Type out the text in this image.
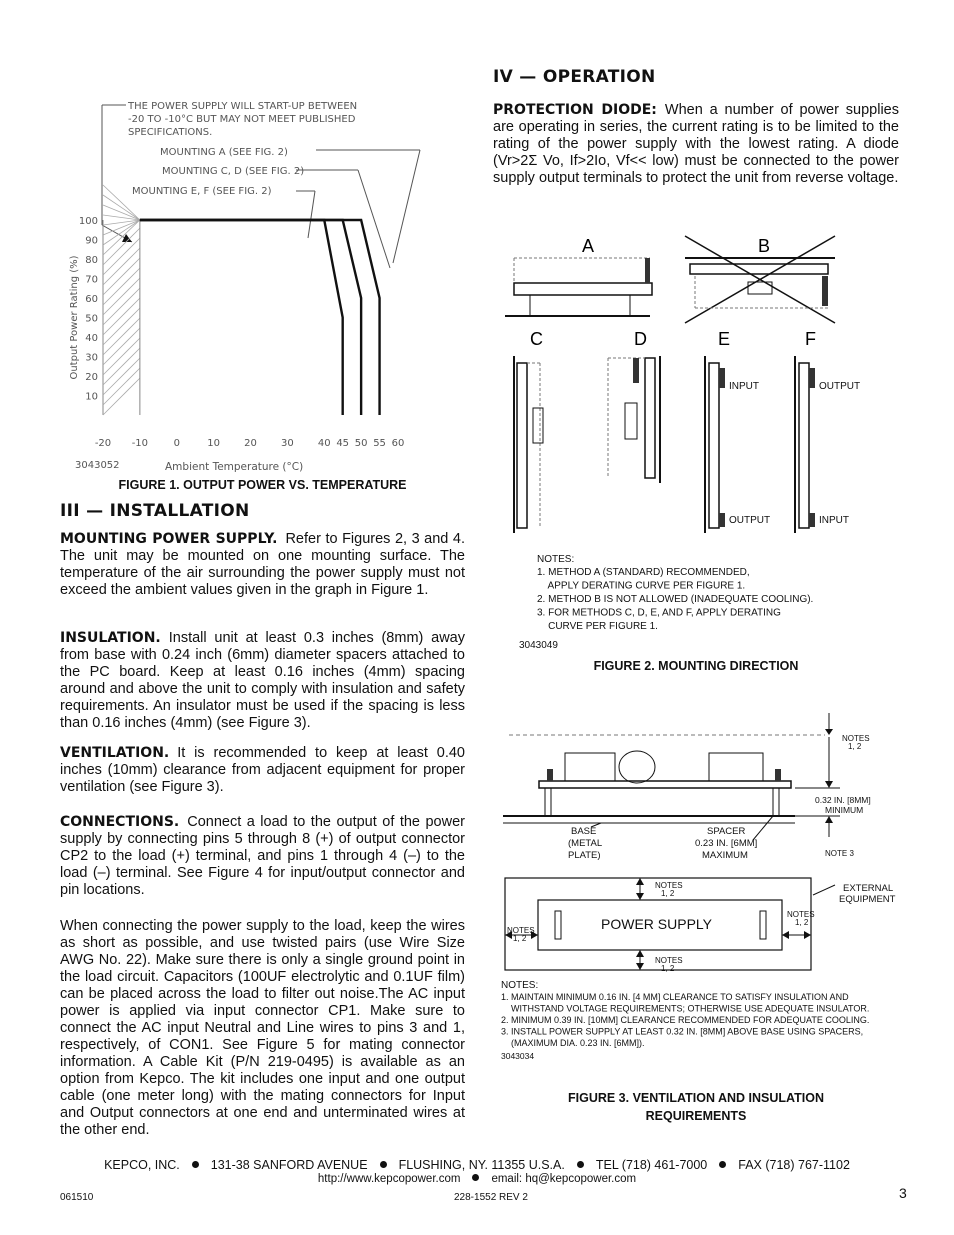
THE POWER SUPPLY WILL START-UP BETWEEN
-20 TO -10°C BUT MAY NOT MEET PUBLISHED
SPECIFICATIONS.
MOUNTING A (SEE FIG. 2)
MOUNTING C, D (SEE FIG. 2)
MOUNTING E, F (SEE FIG. 2)
100
90
80
70
60
50
40
30
20
10
-20 -10	0	10 20 30 40 45 50 55 60
Output Power Rating (%)
Ambient Temperature (°C)
3043052
FIGURE 1. OUTPUT POWER VS. TEMPERATURE
III — INSTALLATION
MOUNTING POWER SUPPLY. Refer to Figures 2, 3 and 4. The unit may be mounted on one mounting surface. The temperature of the air surrounding the power supply must not exceed the ambient values given in the graph in Figure 1.
INSULATION. Install unit at least 0.3 inches (8mm) away from base with 0.24 inch (6mm) diameter spacers attached to the PC board. Keep at least 0.16 inches (4mm) spacing around and above the unit to comply with insulation and safety requirements. An insulator must be used if the spacing is less than 0.16 inches (4mm) (see Figure 3).
VENTILATION. It is recommended to keep at least 0.40 inches (10mm) clearance from adjacent equipment for proper ventilation (see Figure 3).
CONNECTIONS. Connect a load to the output of the power supply by connecting pins 5 through 8 (+) of output connector CP2 to the load (+) terminal, and pins 1 through 4 (–) to the load (–) terminal. See Figure 4 for input/output connector and pin locations.
When connecting the power supply to the load, keep the wires as short as possible, and use twisted pairs (use Wire Size AWG No. 22). Make sure there is only a single ground point in the load circuit. Capacitors (100UF electrolytic and 0.1UF film) can be placed across the load to filter out noise.The AC input power is applied via input connector CP1. Make sure to connect the AC input Neutral and Line wires to pins 3 and 1, respectively, of CON1. See Figure 5 for mating connector information. A Cable Kit (P/N 219-0495) is available as an option from Kepco. The kit includes one input and one output cable (one meter long) with the mating connectors for Input and Output connectors at one end and unterminated wires at the other end.
IV — OPERATION
PROTECTION DIODE: When a number of power supplies are operating in series, the current rating is to be limited to the rating of the power supply with the lowest rating. A diode (Vr>2Σ Vo, If>2Io, Vf<< low) must be connected to the power supply output terminals to protect the unit from reverse voltage.
A	B
C	D	E	F
INPUT
OUTPUT
OUTPUT
INPUT
NOTES:
1. METHOD A (STANDARD) RECOMMENDED,
APPLY DERATING CURVE PER FIGURE 1.
2. METHOD B IS NOT ALLOWED (INADEQUATE COOLING).
3. FOR METHODS C, D, E, AND F, APPLY DERATING
CURVE PER FIGURE 1.
3043049
FIGURE 2. MOUNTING DIRECTION
NOTES
1, 2
0.32 IN. [8MM]
MINIMUM
NOTE 3
BASE
(METAL
PLATE)
SPACER
0.23 IN. [6MM]
MAXIMUM
POWER SUPPLY
NOTES
1, 2
NOTES
1, 2
NOTES
1, 2
NOTES
1, 2
EXTERNAL
EQUIPMENT
NOTES:
1. MAINTAIN MINIMUM 0.16 IN. [4 MM] CLEARANCE TO SATISFY INSULATION AND
WITHSTAND VOLTAGE REQUIREMENTS; OTHERWISE USE ADEQUATE INSULATOR.
2. MINIMUM 0.39 IN. [10MM] CLEARANCE RECOMMENDED FOR ADEQUATE COOLING.
3. INSTALL POWER SUPPLY AT LEAST 0.32 IN. [8MM] ABOVE BASE USING SPACERS,
(MAXIMUM DIA. 0.23 IN. [6MM]).
3043034
FIGURE 3. VENTILATION AND INSULATION
REQUIREMENTS
KEPCO, INC. 131-38 SANFORD AVENUE FLUSHING, NY. 11355 U.S.A. TEL (718) 461-7000 FAX (718) 767-1102
http://www.kepcopower.com	email: hq@kepcopower.com
061510	228-1552 REV 2	3
